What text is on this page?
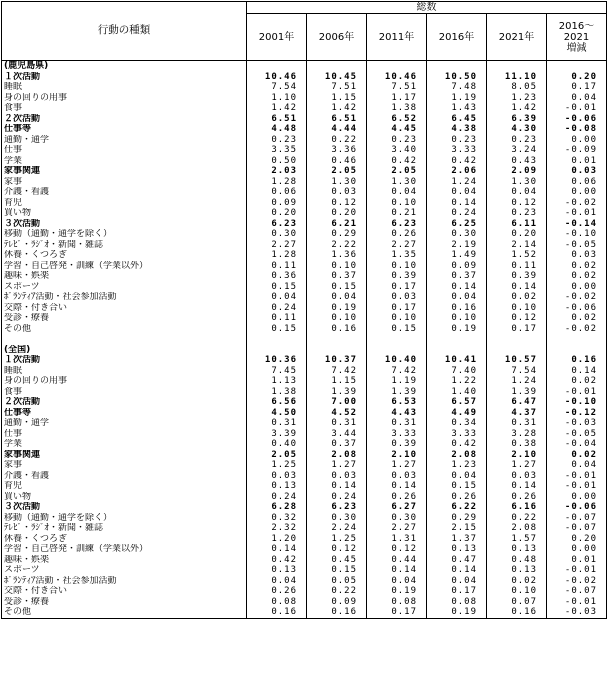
行動の種類	総数					
	2001年	2006年	2011年	2016年	2021年	2016～
2021
増減
(鹿児島県)						
１次活動	10.46	10.45	10.46	10.50	11.10	0.20
睡眠	7.54	7.51	7.51	7.48	8.05	0.17
身の回りの用事	1.10	1.15	1.17	1.19	1.23	0.04
食事	1.42	1.42	1.38	1.43	1.42	-0.01
２次活動	6.51	6.51	6.52	6.45	6.39	-0.06
仕事等	4.48	4.44	4.45	4.38	4.30	-0.08
通勤・通学	0.23	0.22	0.23	0.23	0.23	0.00
仕事	3.35	3.36	3.40	3.33	3.24	-0.09
学業	0.50	0.46	0.42	0.42	0.43	0.01
家事関連	2.03	2.05	2.05	2.06	2.09	0.03
家事	1.28	1.30	1.30	1.24	1.30	0.06
介護・看護	0.06	0.03	0.04	0.04	0.04	0.00
育児	0.09	0.12	0.10	0.14	0.12	-0.02
買い物	0.20	0.20	0.21	0.24	0.23	-0.01
３次活動	6.23	6.21	6.23	6.25	6.11	-0.14
移動（通勤・通学を除く）	0.30	0.29	0.26	0.30	0.20	-0.10
ﾃﾚﾋﾞ・ﾗｼﾞｵ・新聞・雑誌	2.27	2.22	2.27	2.19	2.14	-0.05
休養・くつろぎ	1.28	1.36	1.35	1.49	1.52	0.03
学習・自己啓発・訓練（学業以外）	0.11	0.10	0.10	0.09	0.11	0.02
趣味・娯楽	0.36	0.37	0.39	0.37	0.39	0.02
スポーツ	0.15	0.15	0.17	0.14	0.14	0.00
ﾎﾞﾗﾝﾃｨｱ活動・社会参加活動	0.04	0.04	0.03	0.04	0.02	-0.02
交際・付き合い	0.24	0.19	0.17	0.16	0.10	-0.06
受診・療養	0.11	0.10	0.10	0.10	0.12	0.02
その他	0.15	0.16	0.15	0.19	0.17	-0.02

(全国)						
１次活動	10.36	10.37	10.40	10.41	10.57	0.16
睡眠	7.45	7.42	7.42	7.40	7.54	0.14
身の回りの用事	1.13	1.15	1.19	1.22	1.24	0.02
食事	1.38	1.39	1.39	1.40	1.39	-0.01
２次活動	6.56	7.00	6.53	6.57	6.47	-0.10
仕事等	4.50	4.52	4.43	4.49	4.37	-0.12
通勤・通学	0.31	0.31	0.31	0.34	0.31	-0.03
仕事	3.39	3.44	3.33	3.33	3.28	-0.05
学業	0.40	0.37	0.39	0.42	0.38	-0.04
家事関連	2.05	2.08	2.10	2.08	2.10	0.02
家事	1.25	1.27	1.27	1.23	1.27	0.04
介護・看護	0.03	0.03	0.03	0.04	0.03	-0.01
育児	0.13	0.14	0.14	0.15	0.14	-0.01
買い物	0.24	0.24	0.26	0.26	0.26	0.00
３次活動	6.28	6.23	6.27	6.22	6.16	-0.06
移動（通勤・通学を除く）	0.32	0.30	0.30	0.29	0.22	-0.07
ﾃﾚﾋﾞ・ﾗｼﾞｵ・新聞・雑誌	2.32	2.24	2.27	2.15	2.08	-0.07
休養・くつろぎ	1.20	1.25	1.31	1.37	1.57	0.20
学習・自己啓発・訓練（学業以外）	0.14	0.12	0.12	0.13	0.13	0.00
趣味・娯楽	0.42	0.45	0.44	0.47	0.48	0.01
スポーツ	0.13	0.15	0.14	0.14	0.13	-0.01
ﾎﾞﾗﾝﾃｨｱ活動・社会参加活動	0.04	0.05	0.04	0.04	0.02	-0.02
交際・付き合い	0.26	0.22	0.19	0.17	0.10	-0.07
受診・療養	0.08	0.09	0.08	0.08	0.07	-0.01
その他	0.16	0.16	0.17	0.19	0.16	-0.03
